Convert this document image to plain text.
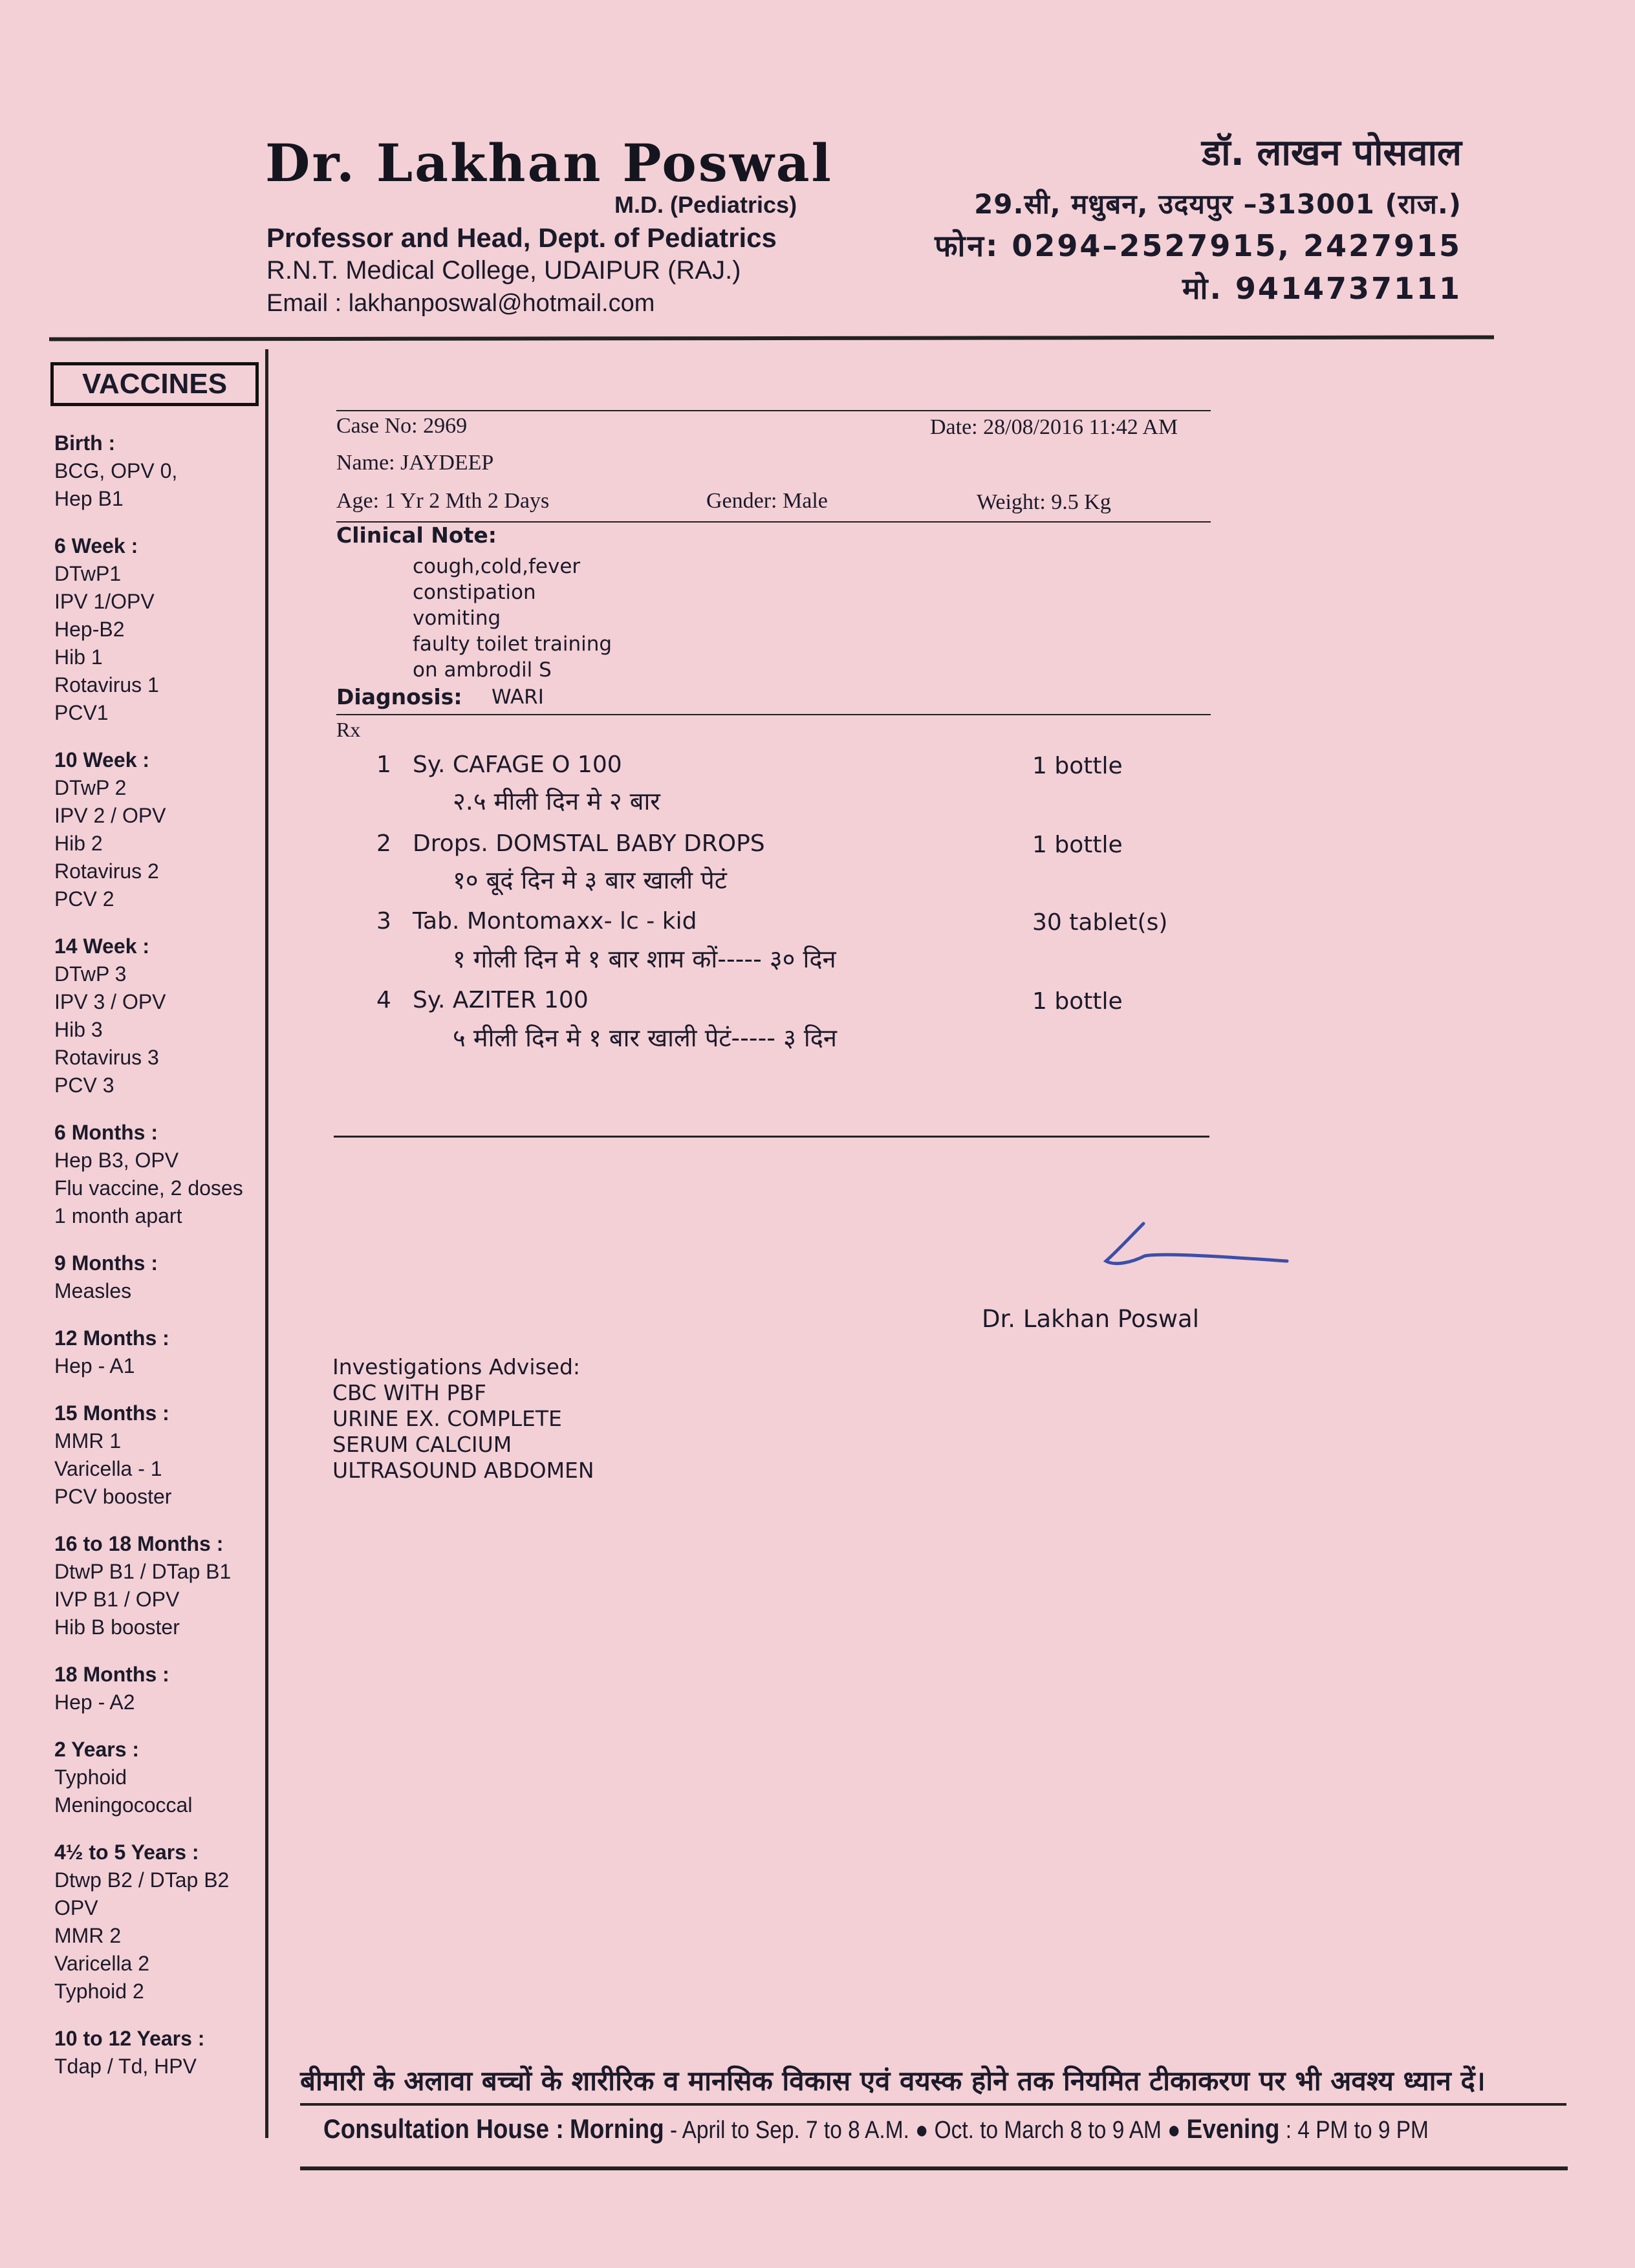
Dr. Lakhan Poswal
M.D. (Pediatrics)
Professor and Head, Dept. of Pediatrics
R.N.T. Medical College, UDAIPUR (RAJ.)
Email : lakhanposwal@hotmail.com
डॉ. लाखन पोसवाल
29.सी, मधुबन, उदयपुर –313001 (राज.)
फोन: 0294–2527915, 2427915
मो. 9414737111
VACCINES
Birth :
BCG, OPV 0,
Hep B1
6 Week :
DTwP1
IPV 1/OPV
Hep-B2
Hib 1
Rotavirus 1
PCV1
10 Week :
DTwP 2
IPV 2 / OPV
Hib 2
Rotavirus 2
PCV 2
14 Week :
DTwP 3
IPV 3 / OPV
Hib 3
Rotavirus 3
PCV 3
6 Months :
Hep B3, OPV
Flu vaccine, 2 doses
1 month apart
9 Months :
Measles
12 Months :
Hep - A1
15 Months :
MMR 1
Varicella - 1
PCV booster
16 to 18 Months :
DtwP B1 / DTap B1
IVP B1 / OPV
Hib B booster
18 Months :
Hep - A2
2 Years :
Typhoid
Meningococcal
4½ to 5 Years :
Dtwp B2 / DTap B2
OPV
MMR 2
Varicella 2
Typhoid 2
10 to 12 Years :
Tdap / Td, HPV
Case No: 2969	Date: 28/08/2016 11:42 AM
Name: JAYDEEP
Age: 1 Yr 2 Mth 2 Days	Gender: Male	Weight: 9.5 Kg
Clinical Note:
cough,cold,fever
constipation
vomiting
faulty toilet training
on ambrodil S
Diagnosis: WARI
Rx
1 Sy. CAFAGE O 100	1 bottle
२.५ मीली दिन मे २ बार
2 Drops. DOMSTAL BABY DROPS	1 bottle
१० बूदं दिन मे ३ बार खाली पेटं
3 Tab. Montomaxx- lc - kid	30 tablet(s)
१ गोली दिन मे १ बार शाम कों----- ३० दिन
4 Sy. AZITER 100	1 bottle
५ मीली दिन मे १ बार खाली पेटं----- ३ दिन
Dr. Lakhan Poswal
Investigations Advised:
CBC WITH PBF
URINE EX. COMPLETE
SERUM CALCIUM
ULTRASOUND ABDOMEN
बीमारी के अलावा बच्चों के शारीरिक व मानसिक विकास एवं वयस्क होने तक नियमित टीकाकरण पर भी अवश्य ध्यान दें।
Consultation House : Morning - April to Sep. 7 to 8 A.M. ● Oct. to March 8 to 9 AM ● Evening : 4 PM to 9 PM
